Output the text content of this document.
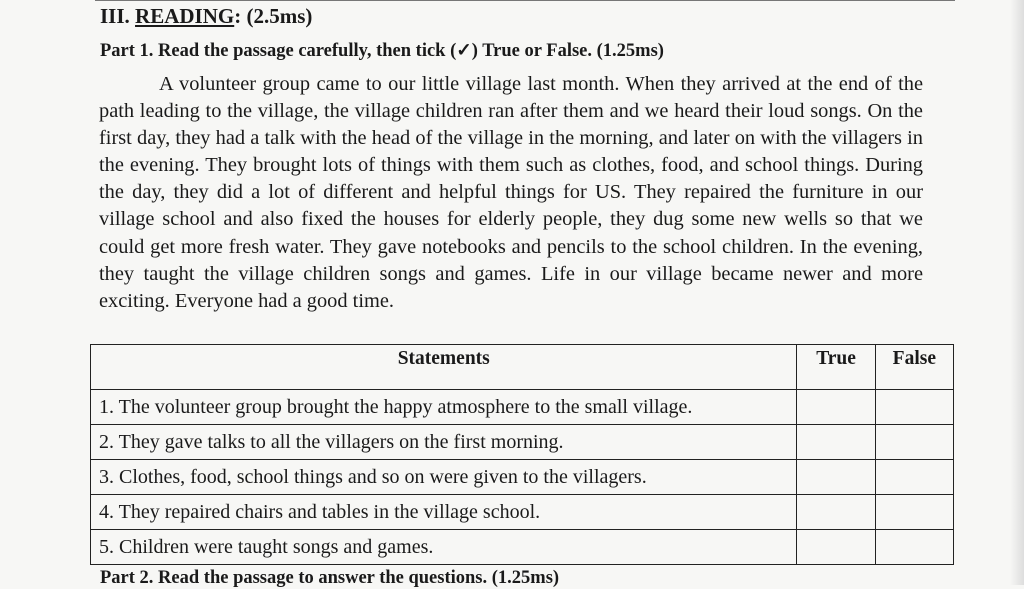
III. READING: (2.5ms)
Part 1. Read the passage carefully, then tick (✓) True or False. (1.25ms)
A volunteer group came to our little village last month. When they arrived at the end of the path leading to the village, the village children ran after them and we heard their loud songs. On the first day, they had a talk with the head of the village in the morning, and later on with the villagers in the evening. They brought lots of things with them such as clothes, food, and school things. During the day, they did a lot of different and helpful things for US. They repaired the furniture in our village school and also fixed the houses for elderly people, they dug some new wells so that we could get more fresh water. They gave notebooks and pencils to the school children. In the evening, they taught the village children songs and games. Life in our village became newer and more exciting. Everyone had a good time.
Statements	True	False
1. The volunteer group brought the happy atmosphere to the small village.		
2. They gave talks to all the villagers on the first morning.		
3. Clothes, food, school things and so on were given to the villagers.		
4. They repaired chairs and tables in the village school.		
5. Children were taught songs and games.		
Part 2. Read the passage to answer the questions. (1.25ms)
